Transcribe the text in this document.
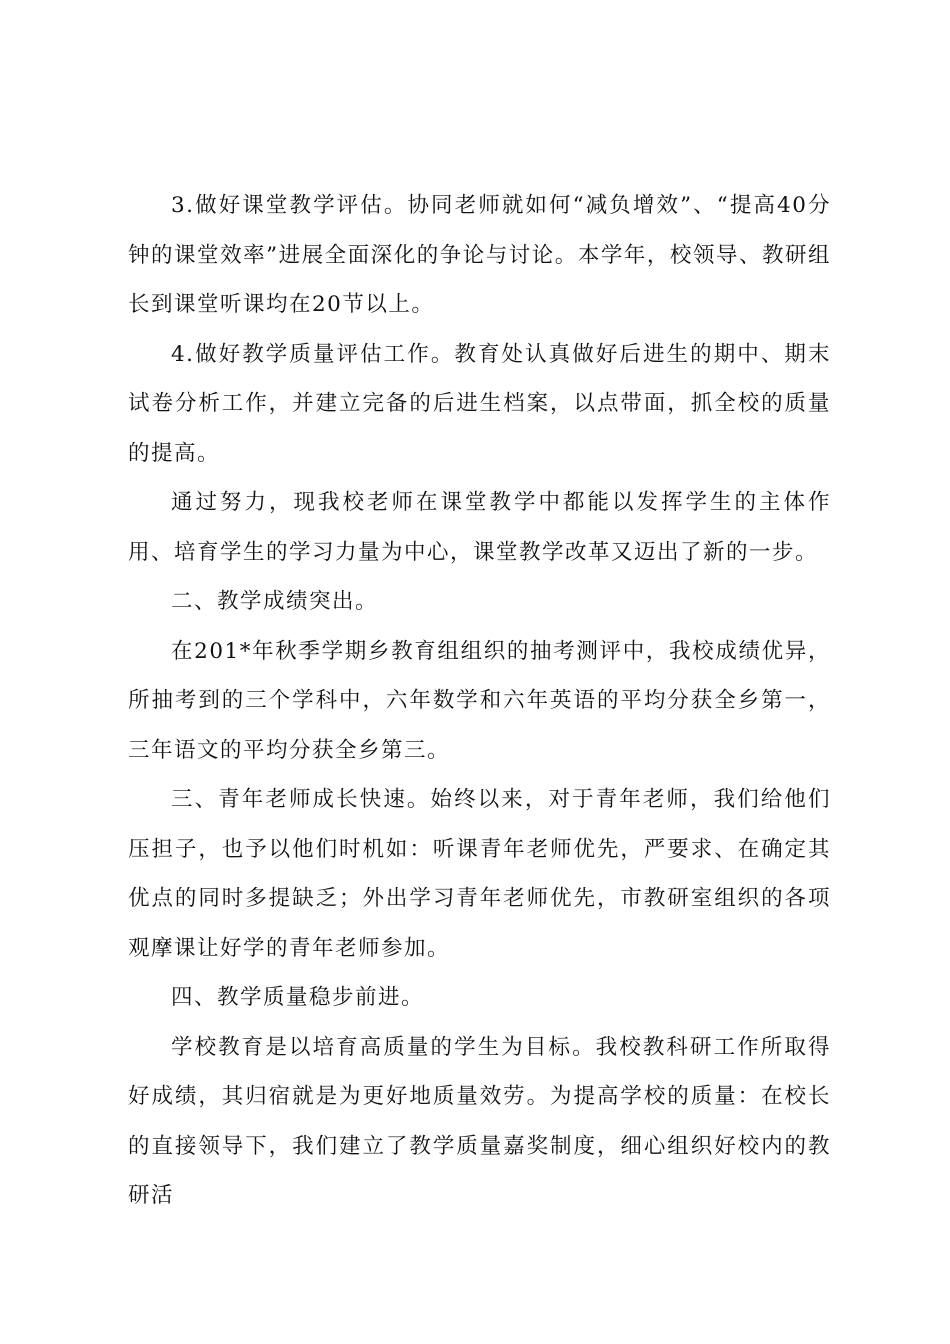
3.做好课堂教学评估。协同老师就如何“减负增效”、“提高40分钟的课堂效率”进展全面深化的争论与讨论。本学年，校领导、教研组长到课堂听课均在20节以上。

4.做好教学质量评估工作。教育处认真做好后进生的期中、期末试卷分析工作，并建立完备的后进生档案，以点带面，抓全校的质量的提高。

通过努力，现我校老师在课堂教学中都能以发挥学生的主体作用、培育学生的学习力量为中心，课堂教学改革又迈出了新的一步。

二、教学成绩突出。

在201*年秋季学期乡教育组组织的抽考测评中，我校成绩优异，所抽考到的三个学科中，六年数学和六年英语的平均分获全乡第一，三年语文的平均分获全乡第三。

三、青年老师成长快速。始终以来，对于青年老师，我们给他们压担子，也予以他们时机如：听课青年老师优先，严要求、在确定其优点的同时多提缺乏；外出学习青年老师优先，市教研室组织的各项观摩课让好学的青年老师参加。

四、教学质量稳步前进。

学校教育是以培育高质量的学生为目标。我校教科研工作所取得好成绩，其归宿就是为更好地质量效劳。为提高学校的质量：在校长的直接领导下，我们建立了教学质量嘉奖制度，细心组织好校内的教研活
